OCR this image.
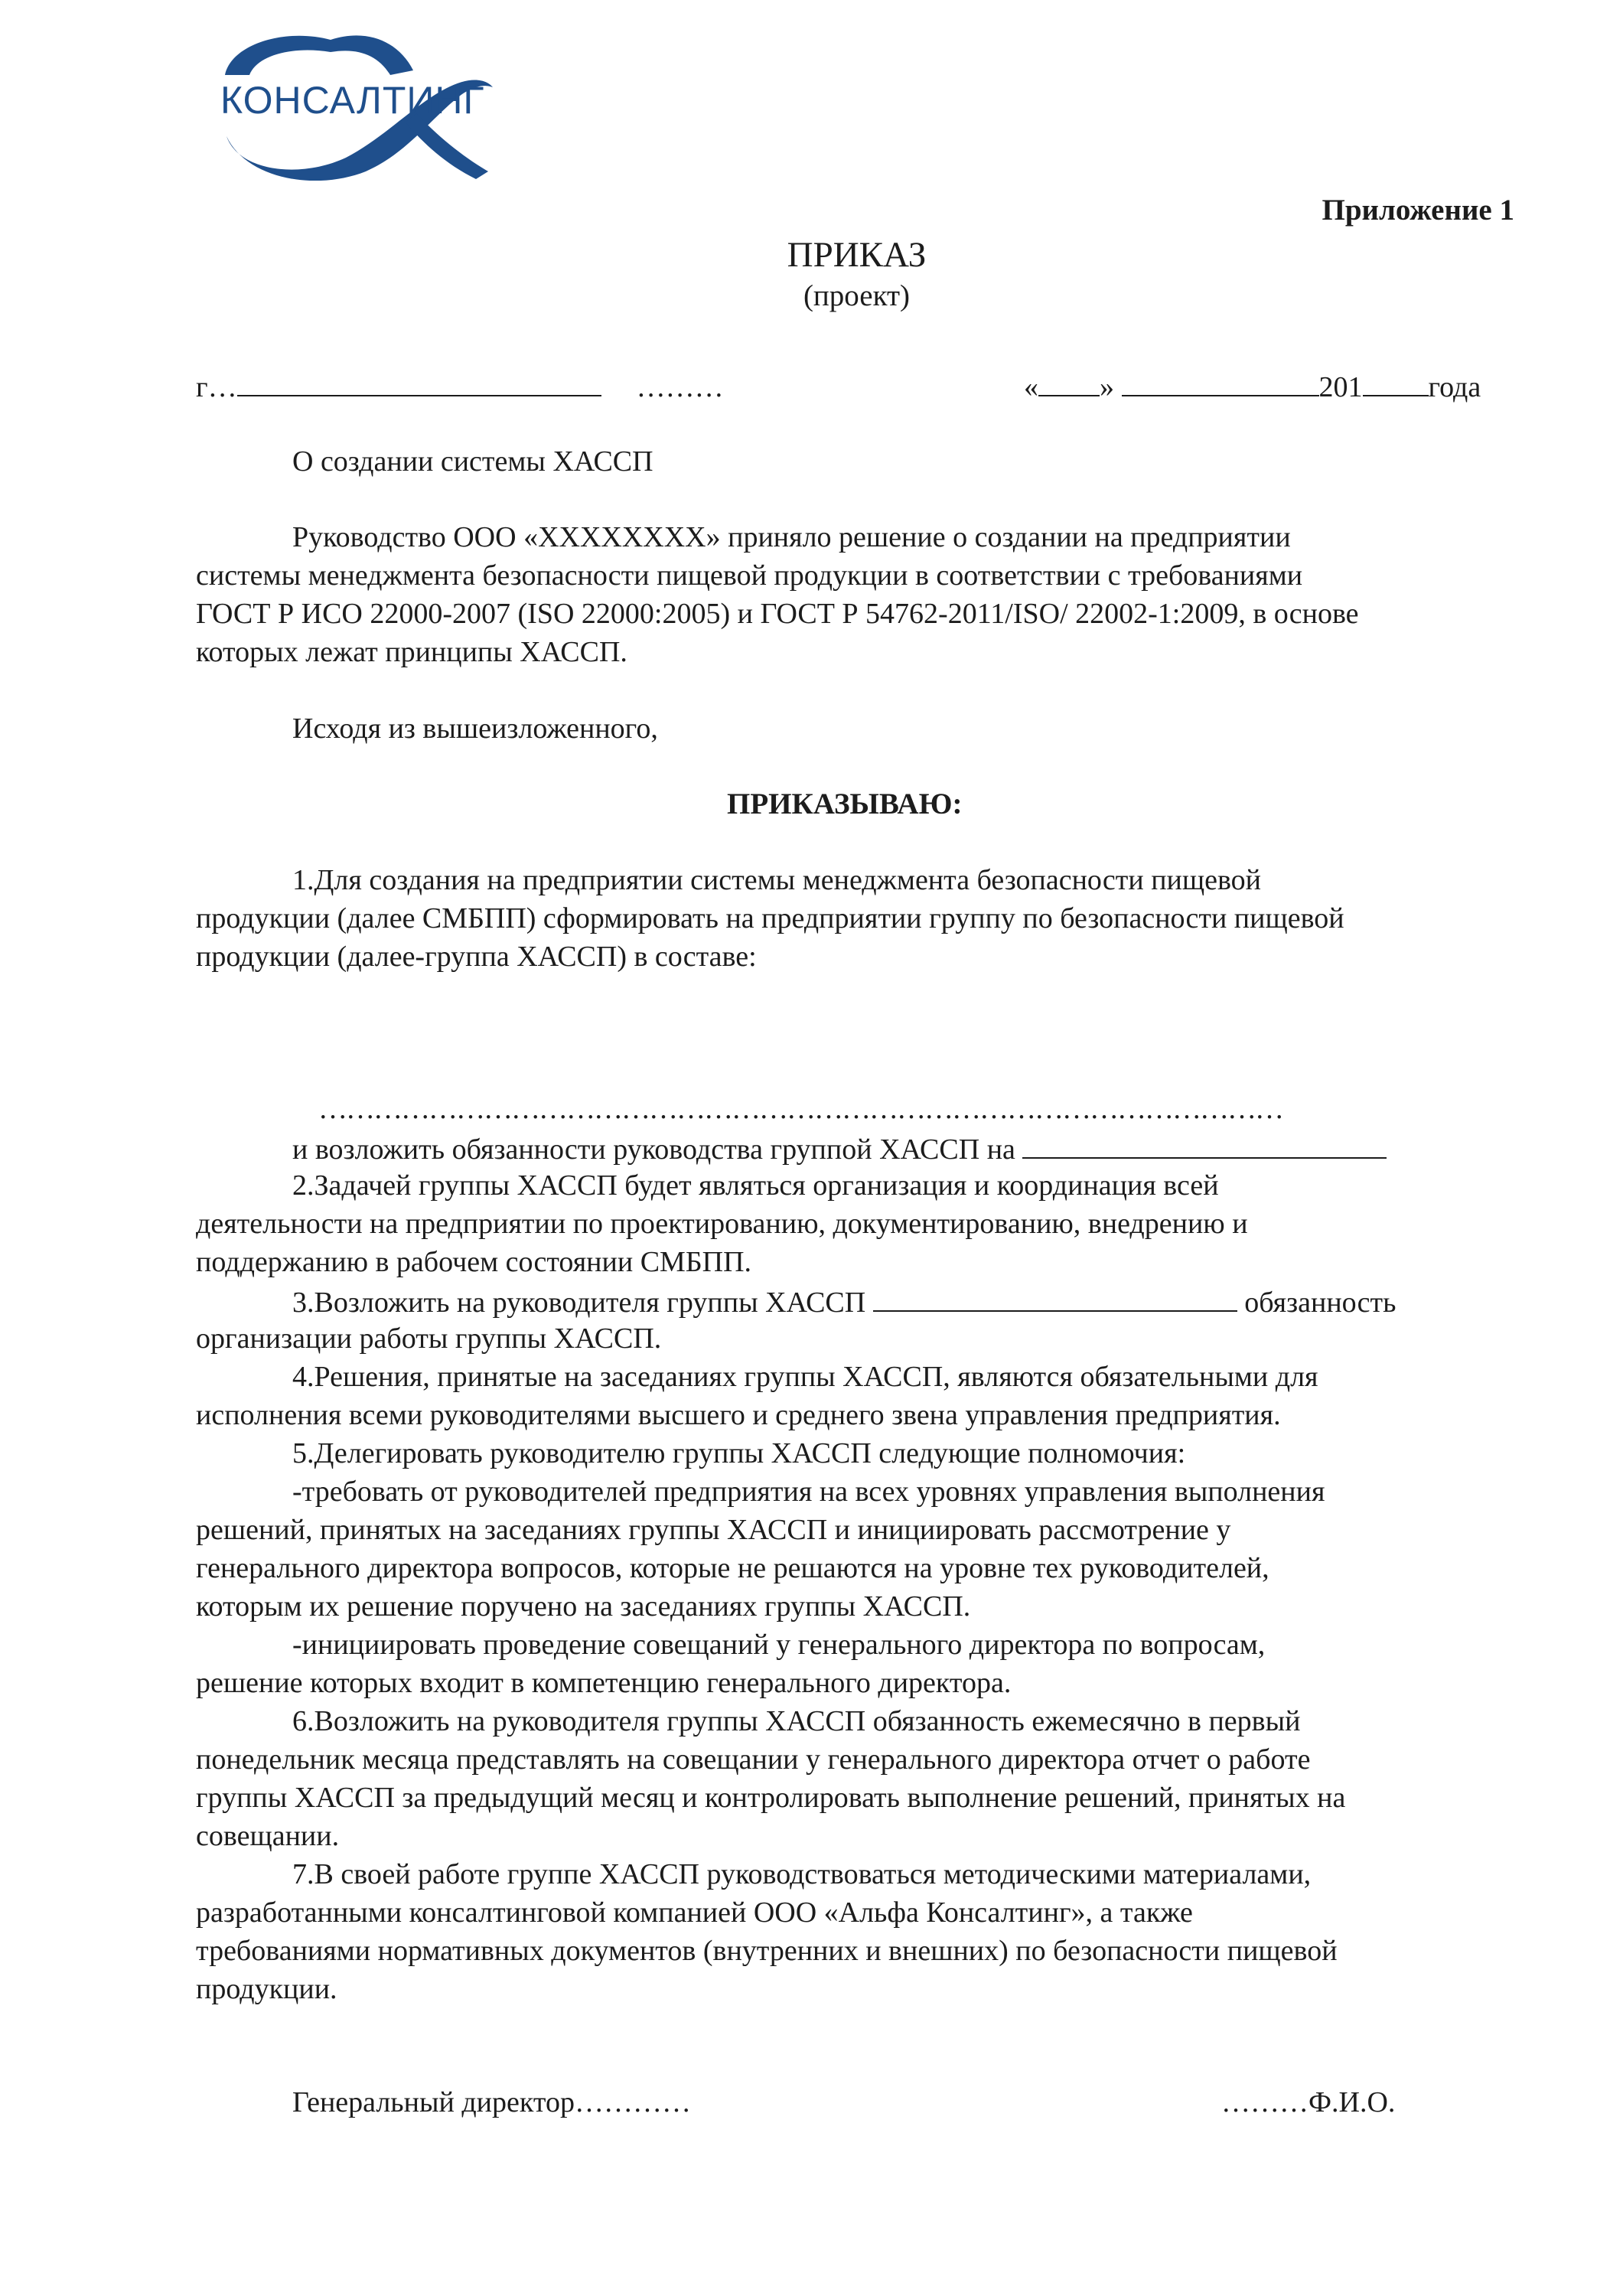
КОНСАЛТИНГ
Приложение 1
ПРИКАЗ
(проект)
г…	………	« »	201 года
О создании системы ХАССП
Руководство ООО «XXXXXXXX» приняло решение о создании на предприятии
системы менеджмента безопасности пищевой продукции в соответствии с требованиями
ГОСТ Р ИСО 22000-2007 (ISO 22000:2005) и ГОСТ Р 54762-2011/ISO/ 22002-1:2009, в основе
которых лежат принципы ХАССП.
Исходя из вышеизложенного,
ПРИКАЗЫВАЮ:
1.Для создания на предприятии системы менеджмента безопасности пищевой
продукции (далее СМБПП) сформировать на предприятии группу по безопасности пищевой
продукции (далее-группа ХАССП) в составе:
……………………………………………………………………………………………
и возложить обязанности руководства группой ХАССП на
2.Задачей группы ХАССП будет являться организация и координация всей
деятельности на предприятии по проектированию, документированию, внедрению и
поддержанию в рабочем состоянии СМБПП.
3.Возложить на руководителя группы ХАССП	обязанность
организации работы группы ХАССП.
4.Решения, принятые на заседаниях группы ХАССП, являются обязательными для
исполнения всеми руководителями высшего и среднего звена управления предприятия.
5.Делегировать руководителю группы ХАССП следующие полномочия:
-требовать от руководителей предприятия на всех уровнях управления выполнения
решений, принятых на заседаниях группы ХАССП и инициировать рассмотрение у
генерального директора вопросов, которые не решаются на уровне тех руководителей,
которым их решение поручено на заседаниях группы ХАССП.
-инициировать проведение совещаний у генерального директора по вопросам,
решение которых входит в компетенцию генерального директора.
6.Возложить на руководителя группы ХАССП обязанность ежемесячно в первый
понедельник месяца представлять на совещании у генерального директора отчет о работе
группы ХАССП за предыдущий месяц и контролировать выполнение решений, принятых на
совещании.
7.В своей работе группе ХАССП руководствоваться методическими материалами,
разработанными консалтинговой компанией ООО «Альфа Консалтинг», а также
требованиями нормативных документов (внутренних и внешних) по безопасности пищевой
продукции.
Генеральный директор…………	………Ф.И.О.
